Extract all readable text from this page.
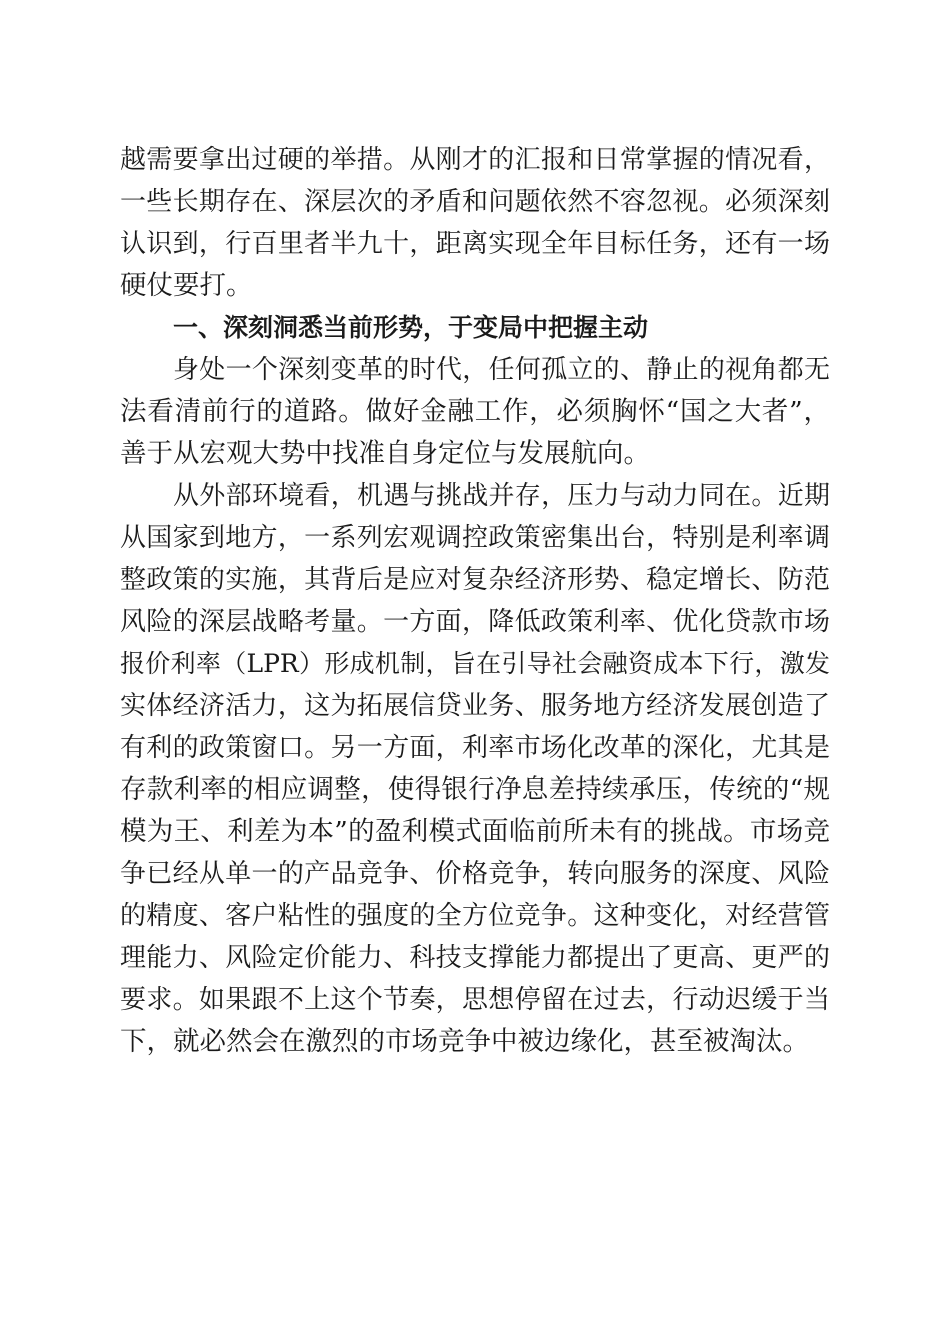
越需要拿出过硬的举措。从刚才的汇报和日常掌握的情况看，
一些长期存在、深层次的矛盾和问题依然不容忽视。必须深刻
认识到，行百里者半九十，距离实现全年目标任务，还有一场
硬仗要打。
一、深刻洞悉当前形势，于变局中把握主动
身处一个深刻变革的时代，任何孤立的、静止的视角都无
法看清前行的道路。做好金融工作，必须胸怀“国之大者”，
善于从宏观大势中找准自身定位与发展航向。
从外部环境看，机遇与挑战并存，压力与动力同在。近期
从国家到地方，一系列宏观调控政策密集出台，特别是利率调
整政策的实施，其背后是应对复杂经济形势、稳定增长、防范
风险的深层战略考量。一方面，降低政策利率、优化贷款市场
报价利率（LPR）形成机制，旨在引导社会融资成本下行，激发
实体经济活力，这为拓展信贷业务、服务地方经济发展创造了
有利的政策窗口。另一方面，利率市场化改革的深化，尤其是
存款利率的相应调整，使得银行净息差持续承压，传统的“规
模为王、利差为本”的盈利模式面临前所未有的挑战。市场竞
争已经从单一的产品竞争、价格竞争，转向服务的深度、风险
的精度、客户粘性的强度的全方位竞争。这种变化，对经营管
理能力、风险定价能力、科技支撑能力都提出了更高、更严的
要求。如果跟不上这个节奏，思想停留在过去，行动迟缓于当
下，就必然会在激烈的市场竞争中被边缘化，甚至被淘汰。
